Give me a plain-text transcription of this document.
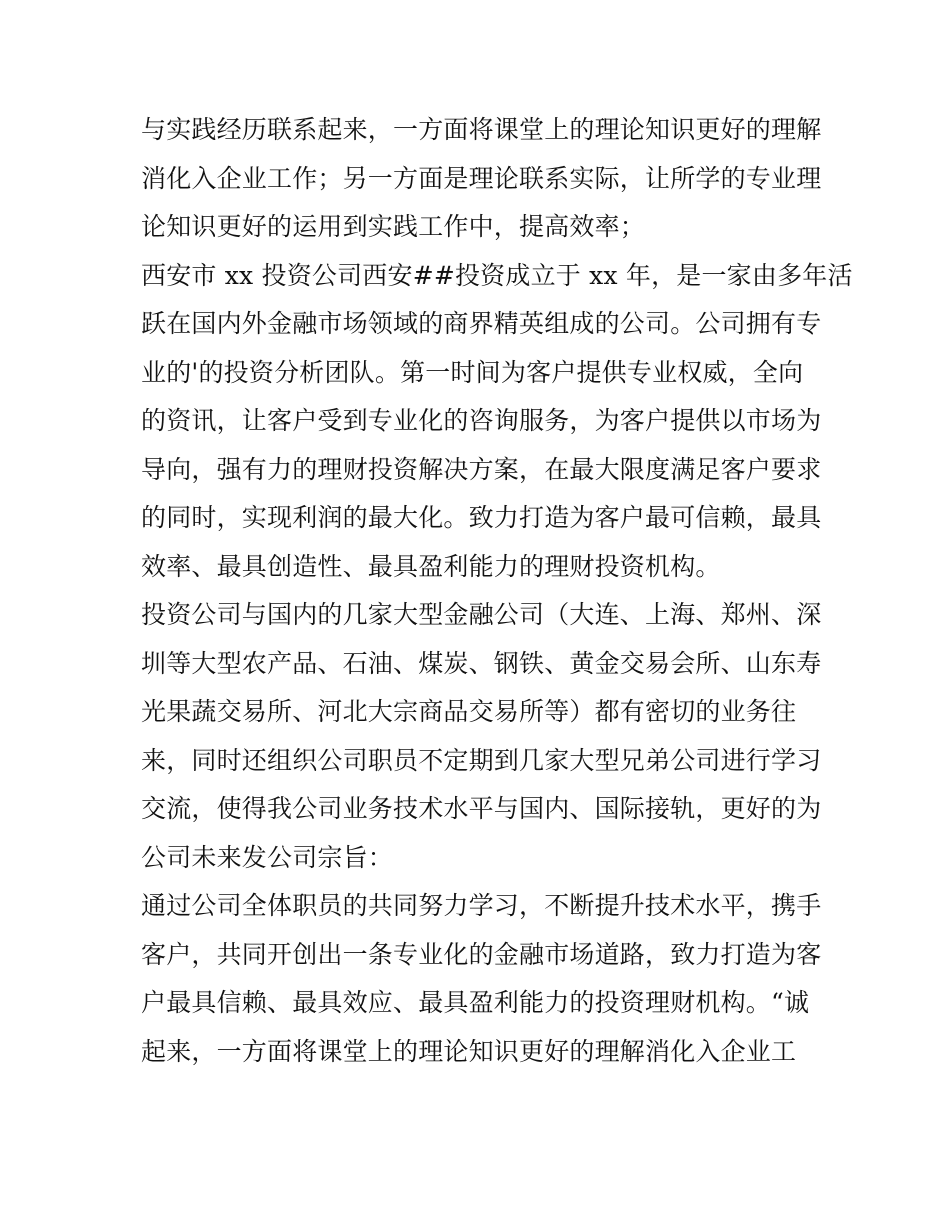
与实践经历联系起来，一方面将课堂上的理论知识更好的理解
消化入企业工作；另一方面是理论联系实际，让所学的专业理
论知识更好的运用到实践工作中，提高效率；
西安市 xx 投资公司西安##投资成立于 xx 年，是一家由多年活
跃在国内外金融市场领域的商界精英组成的公司。公司拥有专
业的'的投资分析团队。第一时间为客户提供专业权威，全向
的资讯，让客户受到专业化的咨询服务，为客户提供以市场为
导向，强有力的理财投资解决方案，在最大限度满足客户要求
的同时，实现利润的最大化。致力打造为客户最可信赖，最具
效率、最具创造性、最具盈利能力的理财投资机构。
投资公司与国内的几家大型金融公司（大连、上海、郑州、深
圳等大型农产品、石油、煤炭、钢铁、黄金交易会所、山东寿
光果蔬交易所、河北大宗商品交易所等）都有密切的业务往
来，同时还组织公司职员不定期到几家大型兄弟公司进行学习
交流，使得我公司业务技术水平与国内、国际接轨，更好的为
公司未来发公司宗旨：
通过公司全体职员的共同努力学习，不断提升技术水平，携手
客户，共同开创出一条专业化的金融市场道路，致力打造为客
户最具信赖、最具效应、最具盈利能力的投资理财机构。“诚
起来，一方面将课堂上的理论知识更好的理解消化入企业工
